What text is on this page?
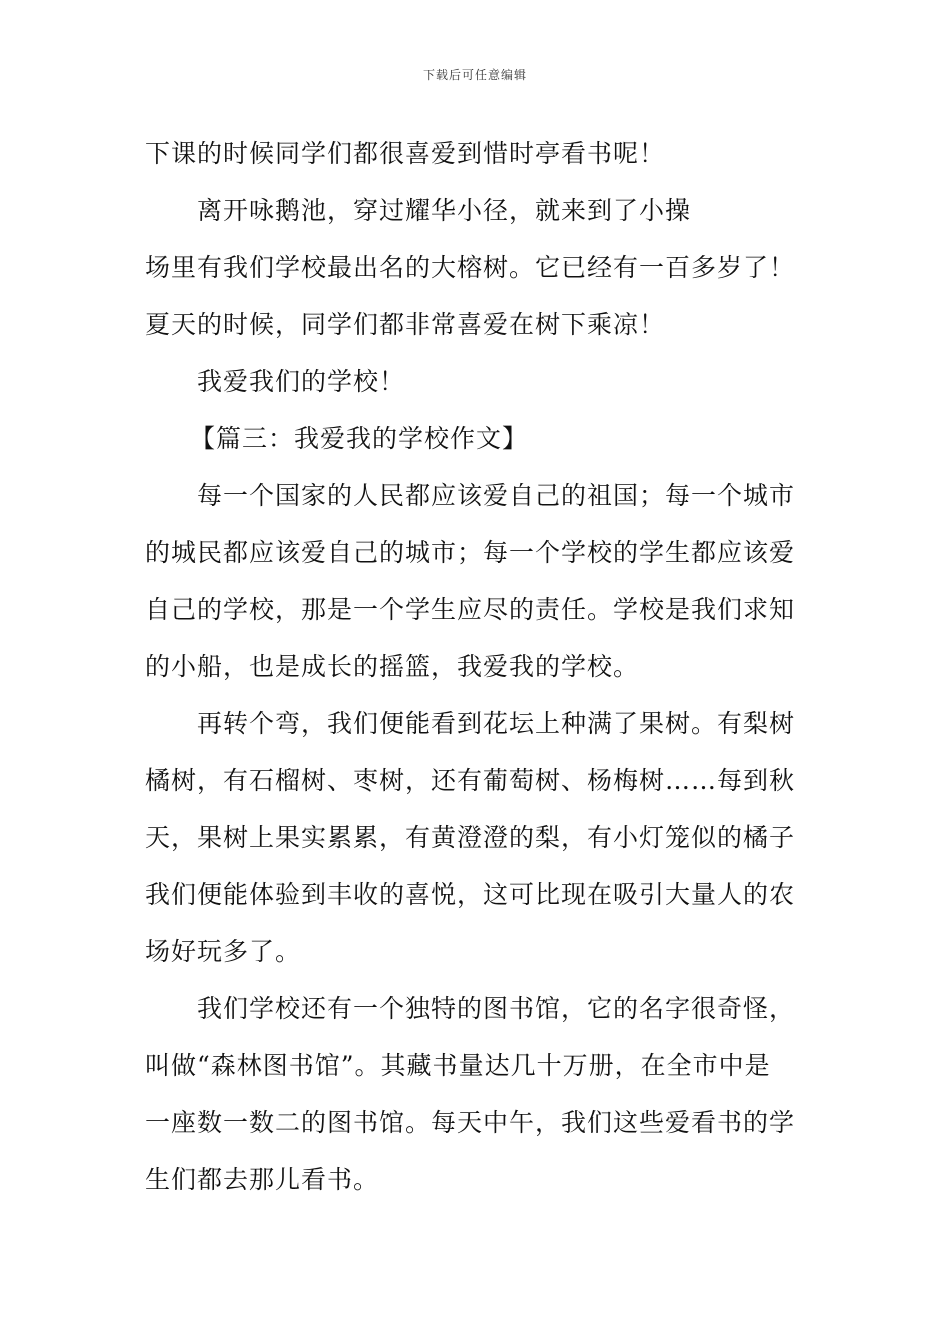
下载后可任意编辑

下课的时候同学们都很喜爱到惜时亭看书呢！

离开咏鹅池，穿过耀华小径，就来到了小操

场里有我们学校最出名的大榕树。它已经有一百多岁了！

夏天的时候，同学们都非常喜爱在树下乘凉！

我爱我们的学校！

【篇三：我爱我的学校作文】

每一个国家的人民都应该爱自己的祖国；每一个城市

的城民都应该爱自己的城市；每一个学校的学生都应该爱

自己的学校，那是一个学生应尽的责任。学校是我们求知

的小船，也是成长的摇篮，我爱我的学校。

再转个弯，我们便能看到花坛上种满了果树。有梨树

橘树，有石榴树、枣树，还有葡萄树、杨梅树……每到秋

天，果树上果实累累，有黄澄澄的梨，有小灯笼似的橘子

我们便能体验到丰收的喜悦，这可比现在吸引大量人的农

场好玩多了。

我们学校还有一个独特的图书馆，它的名字很奇怪，

叫做“森林图书馆”。其藏书量达几十万册，在全市中是

一座数一数二的图书馆。每天中午，我们这些爱看书的学

生们都去那儿看书。
